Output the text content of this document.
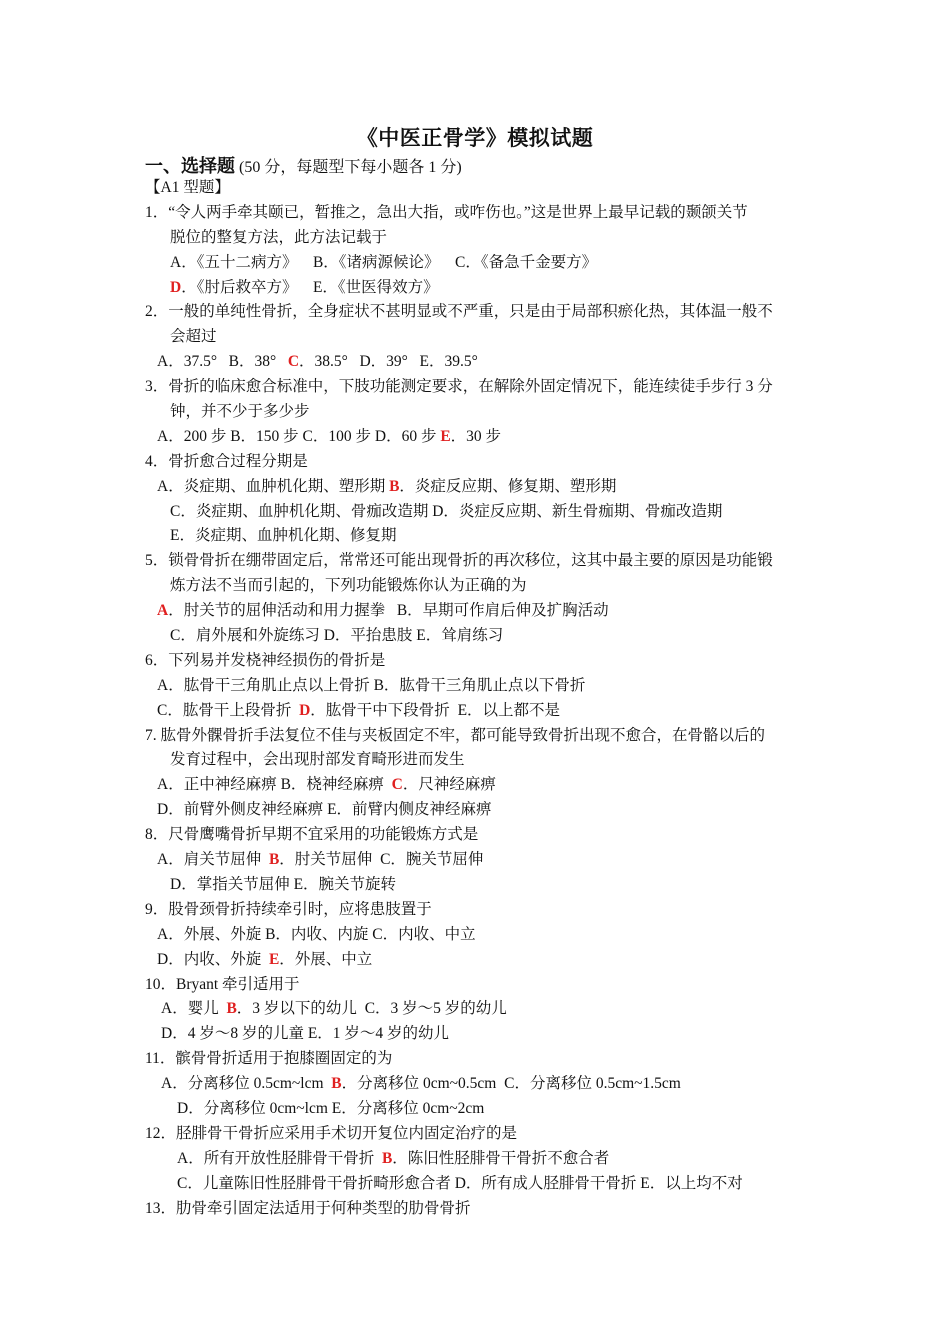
《中医正骨学》模拟试题
一、选择题 (50 分，每题型下每小题各 1 分)
【A1 型题】
1．“令人两手牵其颐已，暂推之，急出大指，或咋伤也。”这是世界上最早记载的颞颌关节
脱位的整复方法，此方法记载于
A．《五十二病方》 B．《诸病源候论》 C．《备急千金要方》
D．《肘后救卒方》 E．《世医得效方》
2．一般的单纯性骨折，全身症状不甚明显或不严重，只是由于局部积瘀化热，其体温一般不
会超过
A．37.5° B．38° C．38.5° D．39° E．39.5°
3．骨折的临床愈合标准中，下肢功能测定要求，在解除外固定情况下，能连续徒手步行 3 分
钟，并不少于多少步
A．200 步 B．150 步 C．100 步 D．60 步 E．30 步
4．骨折愈合过程分期是
A．炎症期、血肿机化期、塑形期 B．炎症反应期、修复期、塑形期
C．炎症期、血肿机化期、骨痂改造期 D．炎症反应期、新生骨痂期、骨痂改造期
E．炎症期、血肿机化期、修复期
5．锁骨骨折在绷带固定后，常常还可能出现骨折的再次移位，这其中最主要的原因是功能锻
炼方法不当而引起的，下列功能锻炼你认为正确的为
A．肘关节的屈伸活动和用力握拳 B．早期可作肩后伸及扩胸活动
C．肩外展和外旋练习 D．平抬患肢 E．耸肩练习
6．下列易并发桡神经损伤的骨折是
A．肱骨干三角肌止点以上骨折 B．肱骨干三角肌止点以下骨折
C．肱骨干上段骨折 D．肱骨干中下段骨折 E．以上都不是
7. 肱骨外髁骨折手法复位不佳与夹板固定不牢，都可能导致骨折出现不愈合，在骨骼以后的
发育过程中，会出现肘部发育畸形进而发生
A．正中神经麻痹 B．桡神经麻痹 C．尺神经麻痹
D．前臂外侧皮神经麻痹 E．前臂内侧皮神经麻痹
8．尺骨鹰嘴骨折早期不宜采用的功能锻炼方式是
A．肩关节屈伸 B．肘关节屈伸 C．腕关节屈伸
D．掌指关节屈伸 E．腕关节旋转
9．股骨颈骨折持续牵引时，应将患肢置于
A．外展、外旋 B．内收、内旋 C．内收、中立
D．内收、外旋 E．外展、中立
10．Bryant 牵引适用于
A．婴儿 B．3 岁以下的幼儿 C．3 岁～5 岁的幼儿
D．4 岁～8 岁的儿童 E．1 岁～4 岁的幼儿
11．髌骨骨折适用于抱膝圈固定的为
A．分离移位 0.5cm~lcm B．分离移位 0cm~0.5cm C．分离移位 0.5cm~1.5cm
D．分离移位 0cm~lcm E．分离移位 0cm~2cm
12．胫腓骨干骨折应采用手术切开复位内固定治疗的是
A．所有开放性胫腓骨干骨折 B．陈旧性胫腓骨干骨折不愈合者
C．儿童陈旧性胫腓骨干骨折畸形愈合者 D．所有成人胫腓骨干骨折 E．以上均不对
13．肋骨牵引固定法适用于何种类型的肋骨骨折
